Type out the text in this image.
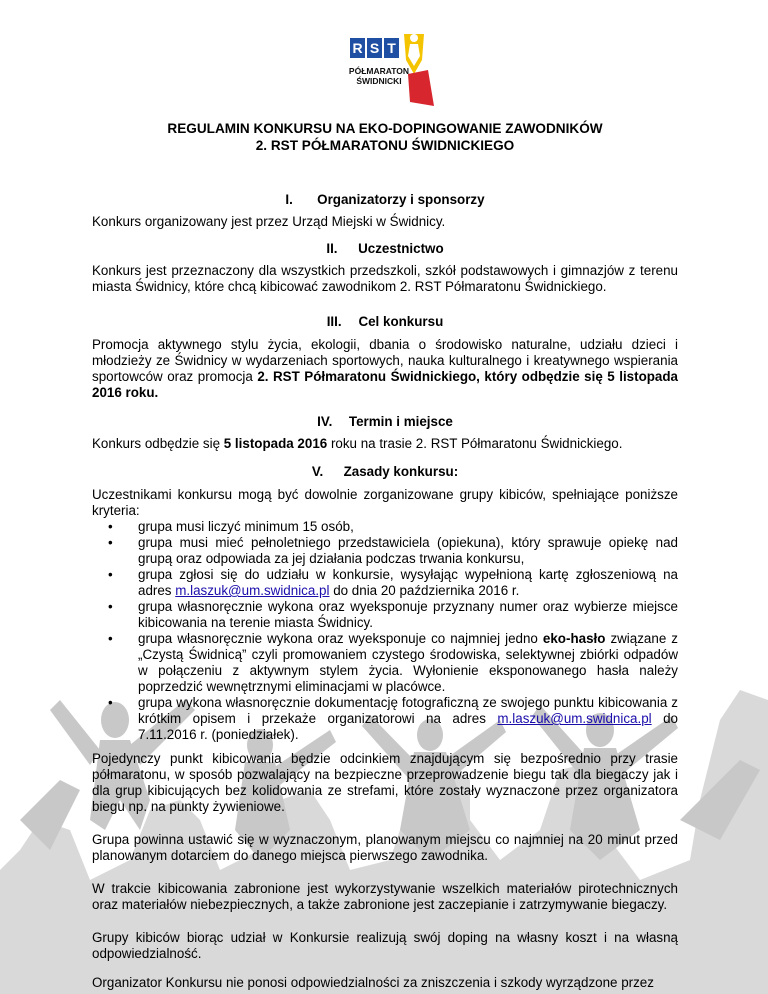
R S T
PÓŁMARATON
ŚWIDNICKI
REGULAMIN KONKURSU NA EKO-DOPINGOWANIE ZAWODNIKÓW
2. RST PÓŁMARATONU ŚWIDNICKIEGO
I. Organizatorzy i sponsorzy

Konkurs organizowany jest przez Urząd Miejski w Świdnicy.

II. Uczestnictwo

Konkurs jest przeznaczony dla wszystkich przedszkoli, szkół podstawowych i gimnazjów z terenu miasta Świdnicy, które chcą kibicować zawodnikom 2. RST Półmaratonu Świdnickiego.

III. Cel konkursu

Promocja aktywnego stylu życia, ekologii, dbania o środowisko naturalne, udziału dzieci i młodzieży ze Świdnicy w wydarzeniach sportowych, nauka kulturalnego i kreatywnego wspierania sportowców oraz promocja 2. RST Półmaratonu Świdnickiego, który odbędzie się 5 listopada 2016 roku.

IV. Termin i miejsce

Konkurs odbędzie się 5 listopada 2016 roku na trasie 2. RST Półmaratonu Świdnickiego.

V. Zasady konkursu:

Uczestnikami konkursu mogą być dowolnie zorganizowane grupy kibiców, spełniające poniższe kryteria:

• grupa musi liczyć minimum 15 osób,
• grupa musi mieć pełnoletniego przedstawiciela (opiekuna), który sprawuje opiekę nad grupą oraz odpowiada za jej działania podczas trwania konkursu,
• grupa zgłosi się do udziału w konkursie, wysyłając wypełnioną kartę zgłoszeniową na adres m.laszuk@um.swidnica.pl do dnia 20 października 2016 r.
• grupa własnoręcznie wykona oraz wyeksponuje przyznany numer oraz wybierze miejsce kibicowania na terenie miasta Świdnicy.
• grupa własnoręcznie wykona oraz wyeksponuje co najmniej jedno eko-hasło związane z „Czystą Świdnicą” czyli promowaniem czystego środowiska, selektywnej zbiórki odpadów w połączeniu z aktywnym stylem życia. Wyłonienie eksponowanego hasła należy poprzedzić wewnętrznymi eliminacjami w placówce.
• grupa wykona własnoręcznie dokumentację fotograficzną ze swojego punktu kibicowania z krótkim opisem i przekaże organizatorowi na adres m.laszuk@um.swidnica.pl do 7.11.2016 r. (poniedziałek).

Pojedynczy punkt kibicowania będzie odcinkiem znajdującym się bezpośrednio przy trasie półmaratonu, w sposób pozwalający na bezpieczne przeprowadzenie biegu tak dla biegaczy jak i dla grup kibicujących bez kolidowania ze strefami, które zostały wyznaczone przez organizatora biegu np. na punkty żywieniowe.

Grupa powinna ustawić się w wyznaczonym, planowanym miejscu co najmniej na 20 minut przed planowanym dotarciem do danego miejsca pierwszego zawodnika.

W trakcie kibicowania zabronione jest wykorzystywanie wszelkich materiałów pirotechnicznych oraz materiałów niebezpiecznych, a także zabronione jest zaczepianie i zatrzymywanie biegaczy.

Grupy kibiców biorąc udział w Konkursie realizują swój doping na własny koszt i na własną odpowiedzialność.

Organizator Konkursu nie ponosi odpowiedzialności za zniszczenia i szkody wyrządzone przez
